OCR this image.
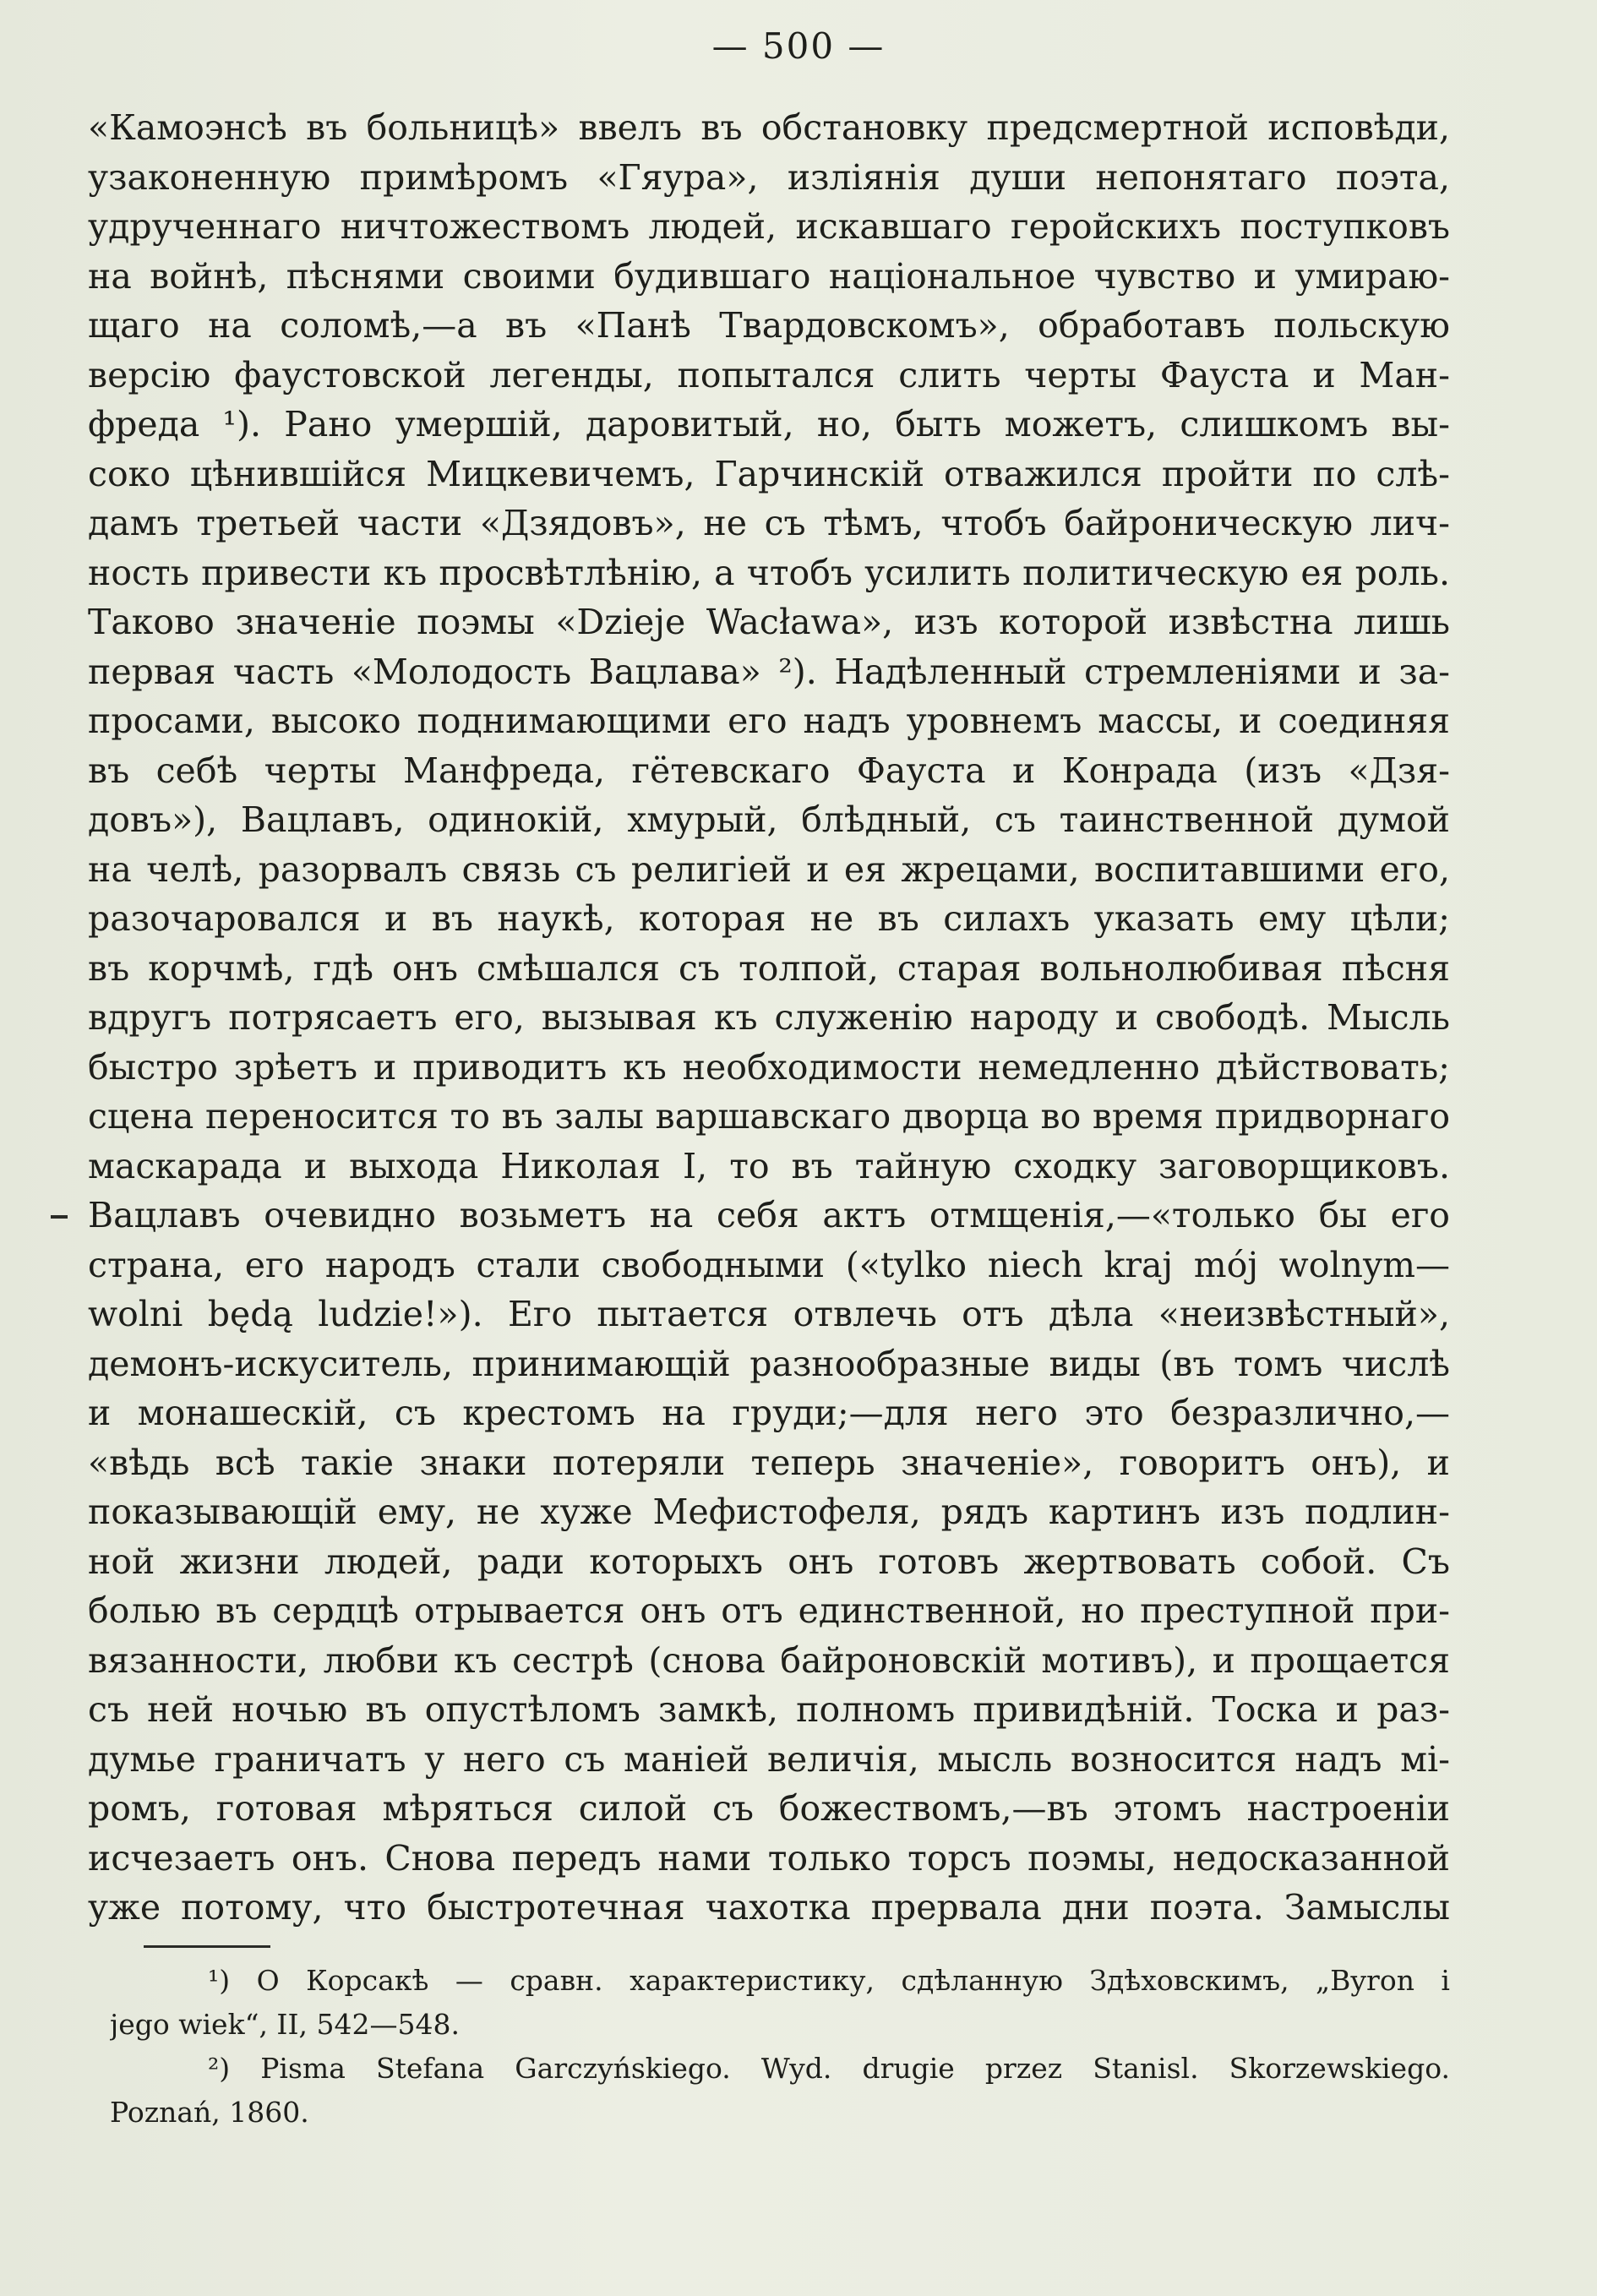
— 500 —
«Камоэнсѣ въ больницѣ» ввелъ въ обстановку предсмертной исповѣди,
узаконенную примѣромъ «Гяура», изліянія души непонятаго поэта,
удрученнаго ничтожествомъ людей, искавшаго геройскихъ поступковъ
на войнѣ, пѣснями своими будившаго національное чувство и умираю-
щаго на соломѣ,—а въ «Панѣ Твардовскомъ», обработавъ польскую
версію фаустовской легенды, попытался слить черты Фауста и Ман-
фреда ¹). Рано умершій, даровитый, но, быть можетъ, слишкомъ вы-
соко цѣнившійся Мицкевичемъ, Гарчинскій отважился пройти по слѣ-
дамъ третьей части «Дзядовъ», не съ тѣмъ, чтобъ байроническую лич-
ность привести къ просвѣтлѣнію, а чтобъ усилить политическую ея роль.
Таково значеніе поэмы «Dzieje Wacława», изъ которой извѣстна лишь
первая часть «Молодость Вацлава» ²). Надѣленный стремленіями и за-
просами, высоко поднимающими его надъ уровнемъ массы, и соединяя
въ себѣ черты Манфреда, гётевскаго Фауста и Конрада (изъ «Дзя-
довъ»), Вацлавъ, одинокій, хмурый, блѣдный, съ таинственной думой
на челѣ, разорвалъ связь съ религіей и ея жрецами, воспитавшими его,
разочаровался и въ наукѣ, которая не въ силахъ указать ему цѣли;
въ корчмѣ, гдѣ онъ смѣшался съ толпой, старая вольнолюбивая пѣсня
вдругъ потрясаетъ его, вызывая къ служенію народу и свободѣ. Мысль
быстро зрѣетъ и приводитъ къ необходимости немедленно дѣйствовать;
сцена переносится то въ залы варшавскаго дворца во время придворнаго
маскарада и выхода Николая I, то въ тайную сходку заговорщиковъ.
Вацлавъ очевидно возьметъ на себя актъ отмщенія,—«только бы его
страна, его народъ стали свободными («tylko niech kraj mój wolnym—
wolni będą ludzie!»). Его пытается отвлечь отъ дѣла «неизвѣстный»,
демонъ-искуситель, принимающій разнообразные виды (въ томъ числѣ
и монашескій, съ крестомъ на груди;—для него это безразлично,—
«вѣдь всѣ такіе знаки потеряли теперь значеніе», говоритъ онъ), и
показывающій ему, не хуже Мефистофеля, рядъ картинъ изъ подлин-
ной жизни людей, ради которыхъ онъ готовъ жертвовать собой. Съ
болью въ сердцѣ отрывается онъ отъ единственной, но преступной при-
вязанности, любви къ сестрѣ (снова байроновскій мотивъ), и прощается
съ ней ночью въ опустѣломъ замкѣ, полномъ привидѣній. Тоска и раз-
думье граничатъ у него съ маніей величія, мысль возносится надъ мі-
ромъ, готовая мѣряться силой съ божествомъ,—въ этомъ настроеніи
исчезаетъ онъ. Снова передъ нами только торсъ поэмы, недосказанной
уже потому, что быстротечная чахотка прервала дни поэта. Замыслы
¹) О Корсакѣ — сравн. характеристику, сдѣланную Здѣховскимъ, „Byron i
jego wiek“, II, 542—548.
²) Pisma Stefana Garczyńskiego. Wyd. drugie przez Stanisl. Skorzewskiego.
Poznań, 1860.
